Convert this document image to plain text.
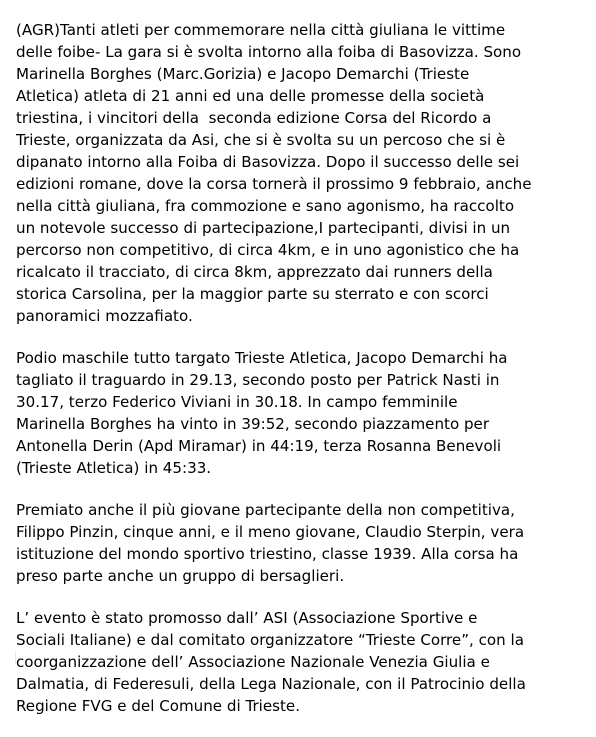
(AGR)Tanti atleti per commemorare nella città giuliana le vittime
delle foibe- La gara si è svolta intorno alla foiba di Basovizza. Sono
Marinella Borghes (Marc.Gorizia) e Jacopo Demarchi (Trieste
Atletica) atleta di 21 anni ed una delle promesse della società
triestina, i vincitori della  seconda edizione Corsa del Ricordo a
Trieste, organizzata da Asi, che si è svolta su un percoso che si è
dipanato intorno alla Foiba di Basovizza. Dopo il successo delle sei
edizioni romane, dove la corsa tornerà il prossimo 9 febbraio, anche
nella città giuliana, fra commozione e sano agonismo, ha raccolto
un notevole successo di partecipazione,I partecipanti, divisi in un
percorso non competitivo, di circa 4km, e in uno agonistico che ha
ricalcato il tracciato, di circa 8km, apprezzato dai runners della
storica Carsolina, per la maggior parte su sterrato e con scorci
panoramici mozzafiato.

Podio maschile tutto targato Trieste Atletica, Jacopo Demarchi ha
tagliato il traguardo in 29.13, secondo posto per Patrick Nasti in
30.17, terzo Federico Viviani in 30.18. In campo femminile
Marinella Borghes ha vinto in 39:52, secondo piazzamento per
Antonella Derin (Apd Miramar) in 44:19, terza Rosanna Benevoli
(Trieste Atletica) in 45:33.

Premiato anche il più giovane partecipante della non competitiva,
Filippo Pinzin, cinque anni, e il meno giovane, Claudio Sterpin, vera
istituzione del mondo sportivo triestino, classe 1939. Alla corsa ha
preso parte anche un gruppo di bersaglieri.

L’ evento è stato promosso dall’ ASI (Associazione Sportive e
Sociali Italiane) e dal comitato organizzatore “Trieste Corre”, con la
coorganizzazione dell’ Associazione Nazionale Venezia Giulia e
Dalmatia, di Federesuli, della Lega Nazionale, con il Patrocinio della
Regione FVG e del Comune di Trieste.
